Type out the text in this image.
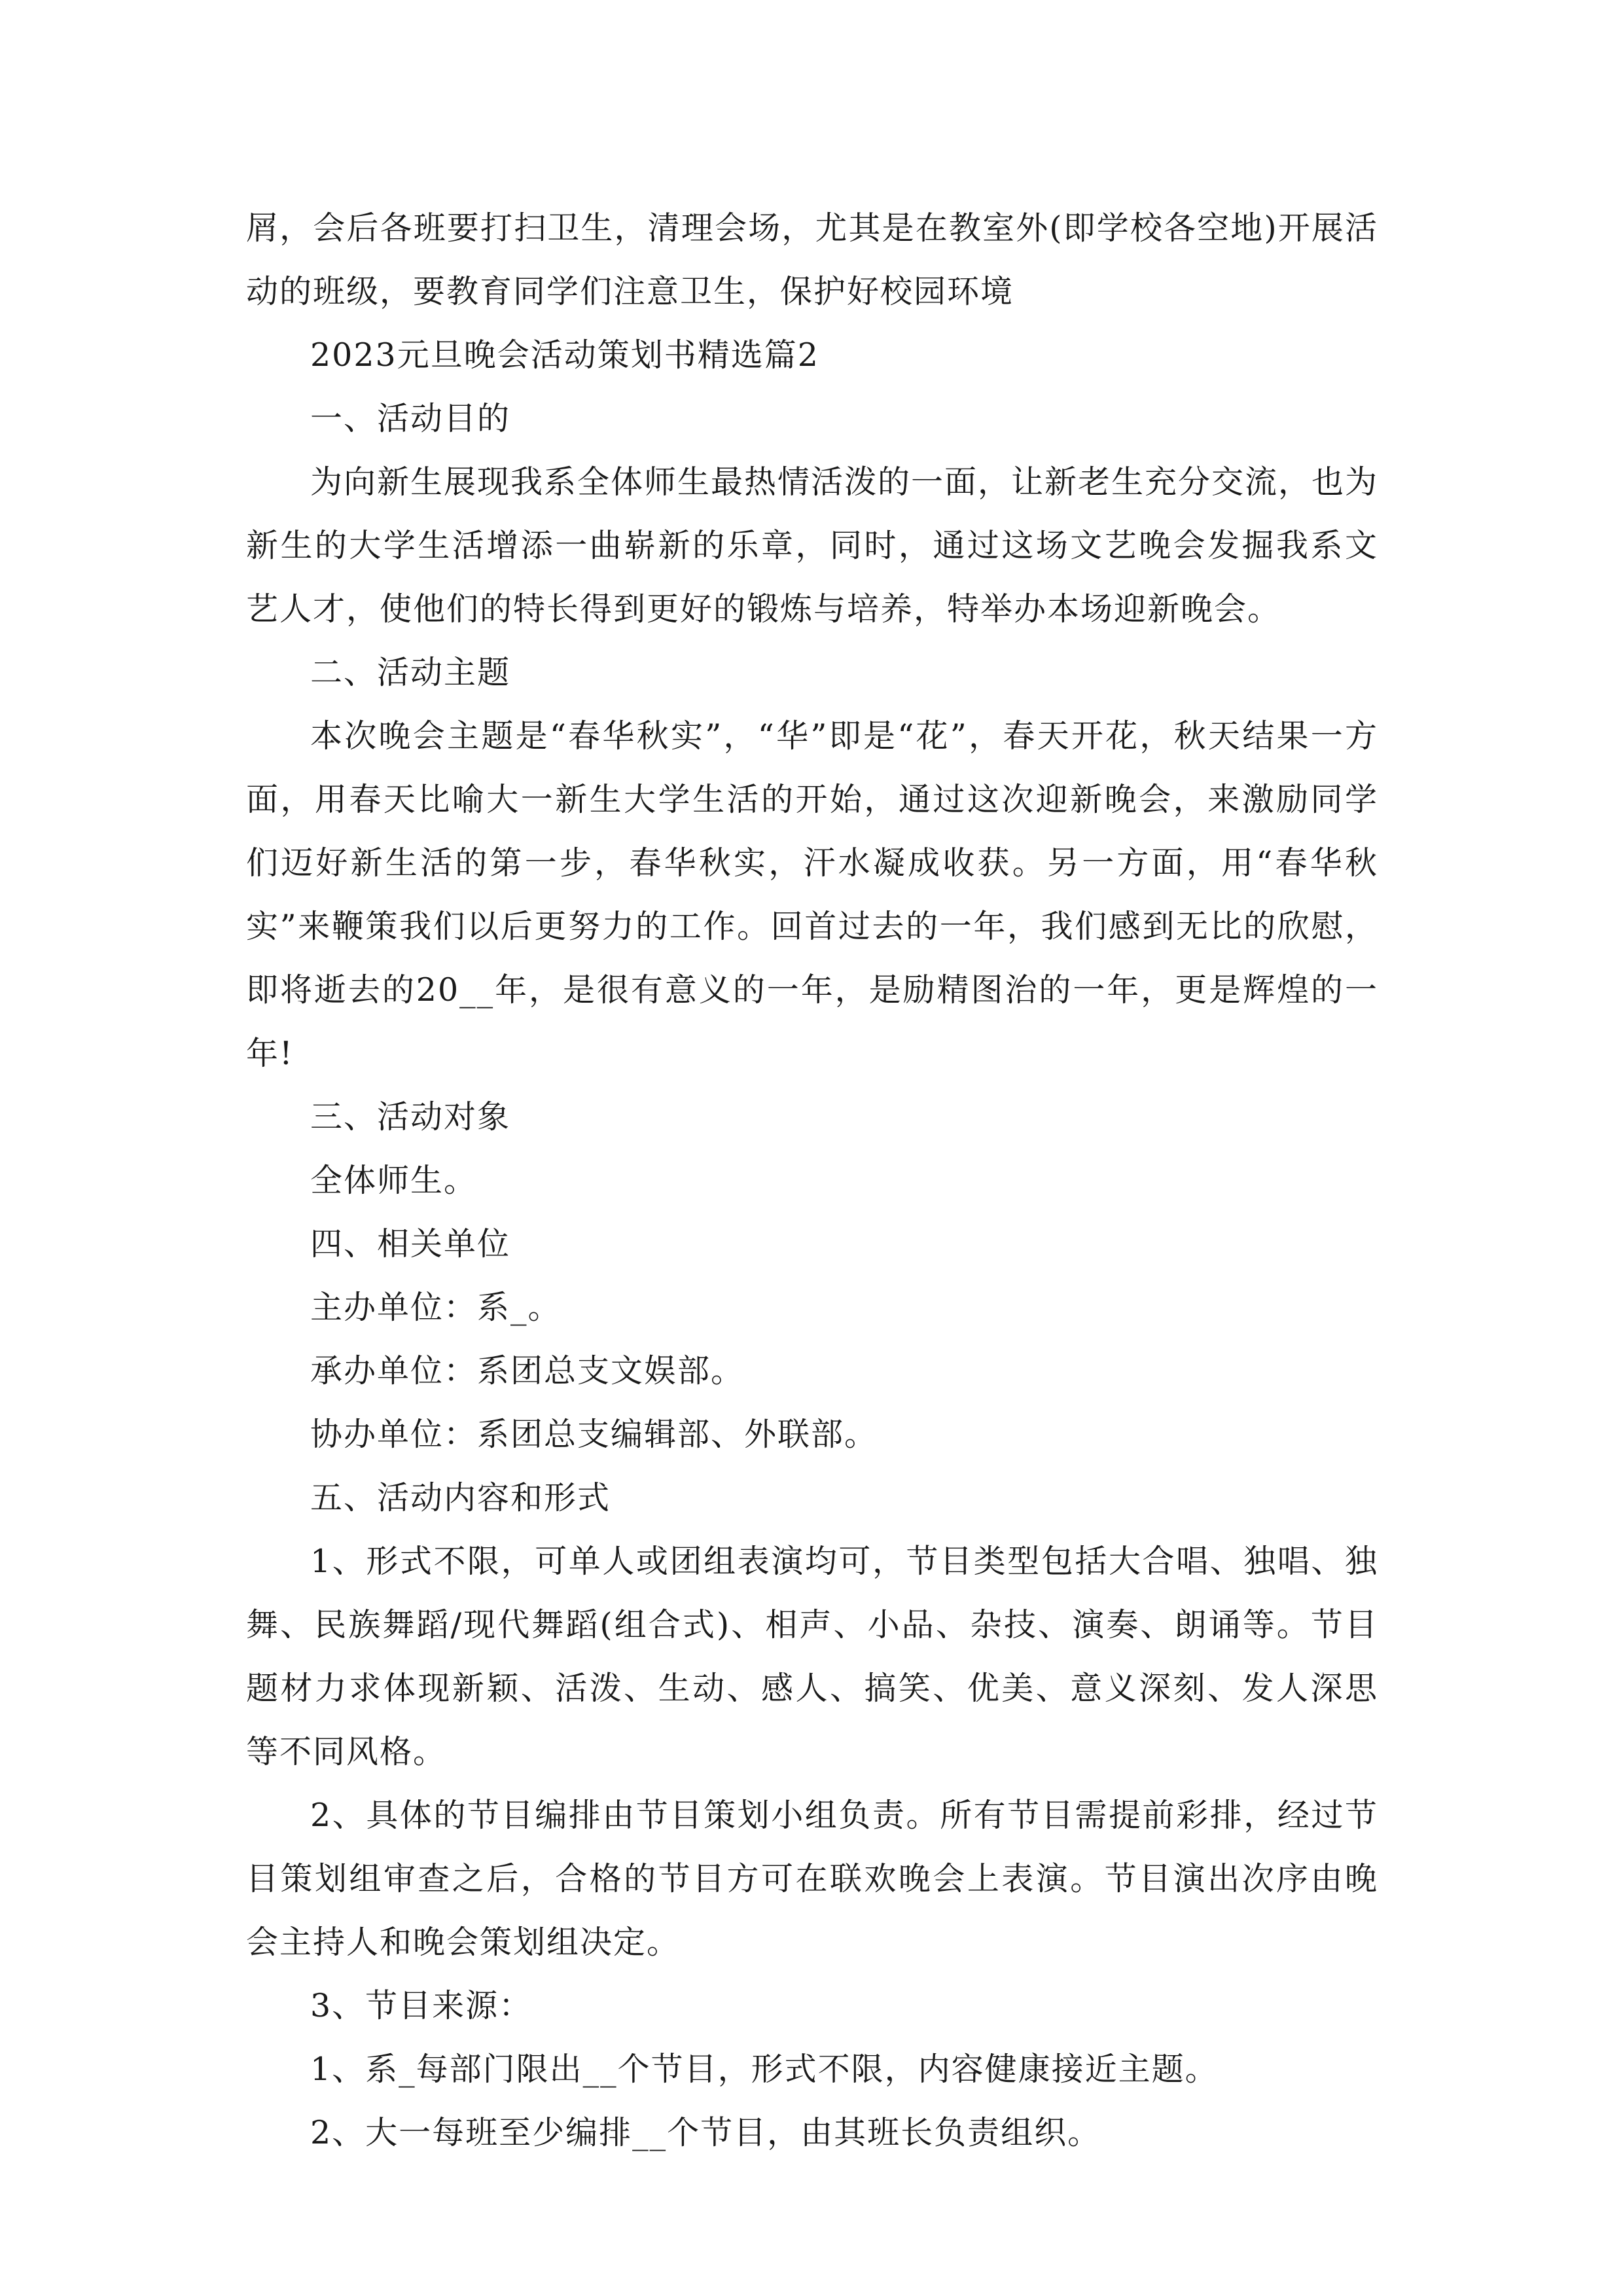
屑，会后各班要打扫卫生，清理会场，尤其是在教室外(即学校各空地)开展活动的班级，要教育同学们注意卫生，保护好校园环境

2023元旦晚会活动策划书精选篇2

一、活动目的

为向新生展现我系全体师生最热情活泼的一面，让新老生充分交流，也为新生的大学生活增添一曲崭新的乐章，同时，通过这场文艺晚会发掘我系文艺人才，使他们的特长得到更好的锻炼与培养，特举办本场迎新晚会。

二、活动主题

本次晚会主题是“春华秋实”，“华”即是“花”，春天开花，秋天结果一方面，用春天比喻大一新生大学生活的开始，通过这次迎新晚会，来激励同学们迈好新生活的第一步，春华秋实，汗水凝成收获。另一方面，用“春华秋实”来鞭策我们以后更努力的工作。回首过去的一年，我们感到无比的欣慰，即将逝去的20__年，是很有意义的一年，是励精图治的一年，更是辉煌的一年!

三、活动对象

全体师生。

四、相关单位

主办单位：系_。

承办单位：系团总支文娱部。

协办单位：系团总支编辑部、外联部。

五、活动内容和形式

1、形式不限，可单人或团组表演均可，节目类型包括大合唱、独唱、独舞、民族舞蹈/现代舞蹈(组合式)、相声、小品、杂技、演奏、朗诵等。节目题材力求体现新颖、活泼、生动、感人、搞笑、优美、意义深刻、发人深思等不同风格。

2、具体的节目编排由节目策划小组负责。所有节目需提前彩排，经过节目策划组审查之后，合格的节目方可在联欢晚会上表演。节目演出次序由晚会主持人和晚会策划组决定。

3、节目来源：

1、系_每部门限出__个节目，形式不限，内容健康接近主题。

2、大一每班至少编排__个节目，由其班长负责组织。
